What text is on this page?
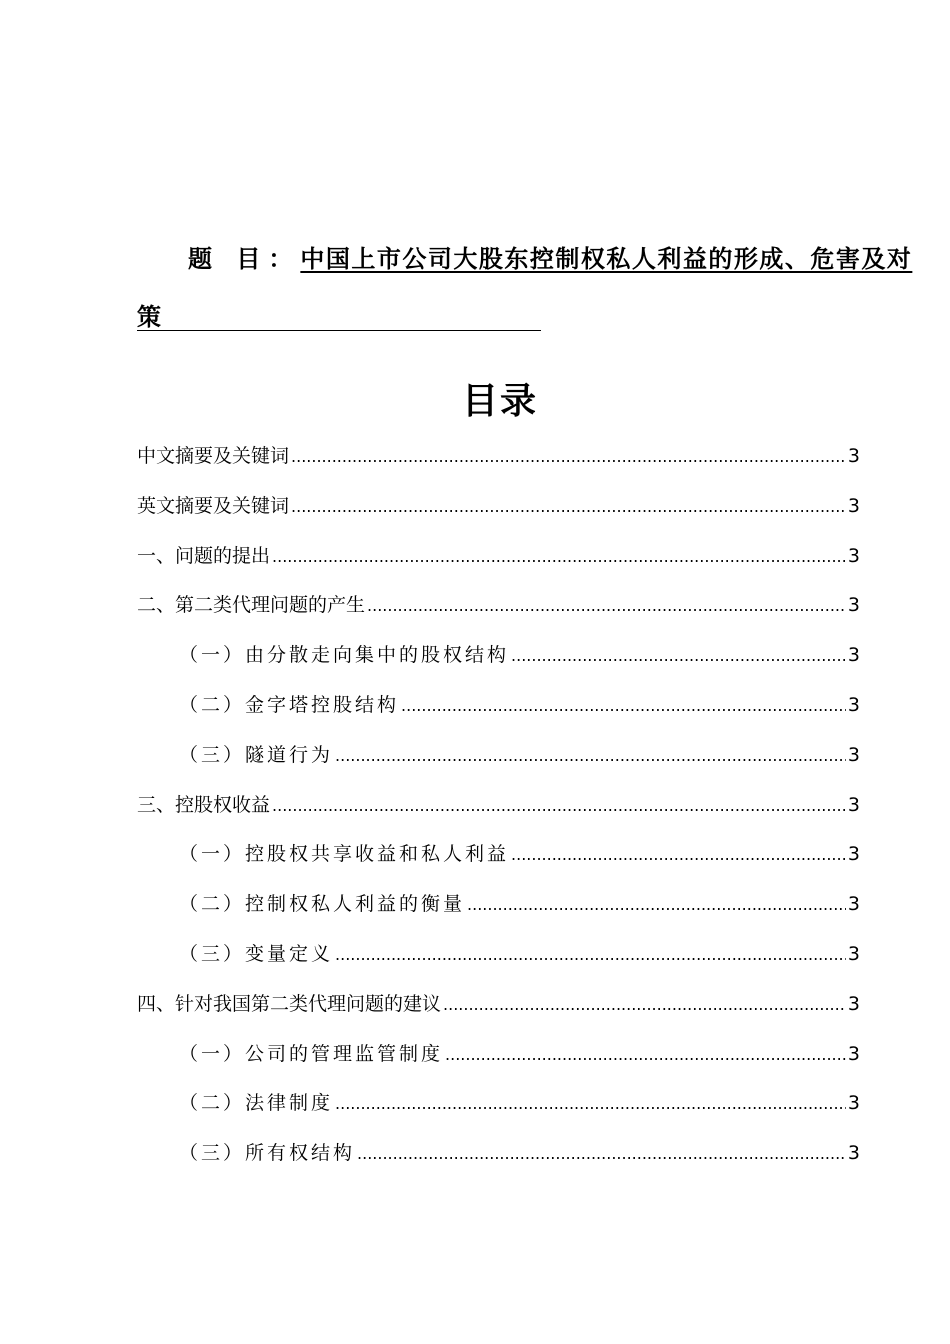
题 目：中国上市公司大股东控制权私人利益的形成、危害及对
策
目录
中文摘要及关键词 .....	3
英文摘要及关键词 .....	3
一、问题的提出 .....	3
二、第二类代理问题的产生 .....	3
（一）由分散走向集中的股权结构 .....	3
（二）金字塔控股结构 .....	3
（三）隧道行为 .....	3
三、控股权收益 .....	3
（一）控股权共享收益和私人利益 .....	3
（二）控制权私人利益的衡量 .....	3
（三）变量定义 .....	3
四、针对我国第二类代理问题的建议 .....	3
（一）公司的管理监管制度 .....	3
（二）法律制度 .....	3
（三）所有权结构 .....	3
